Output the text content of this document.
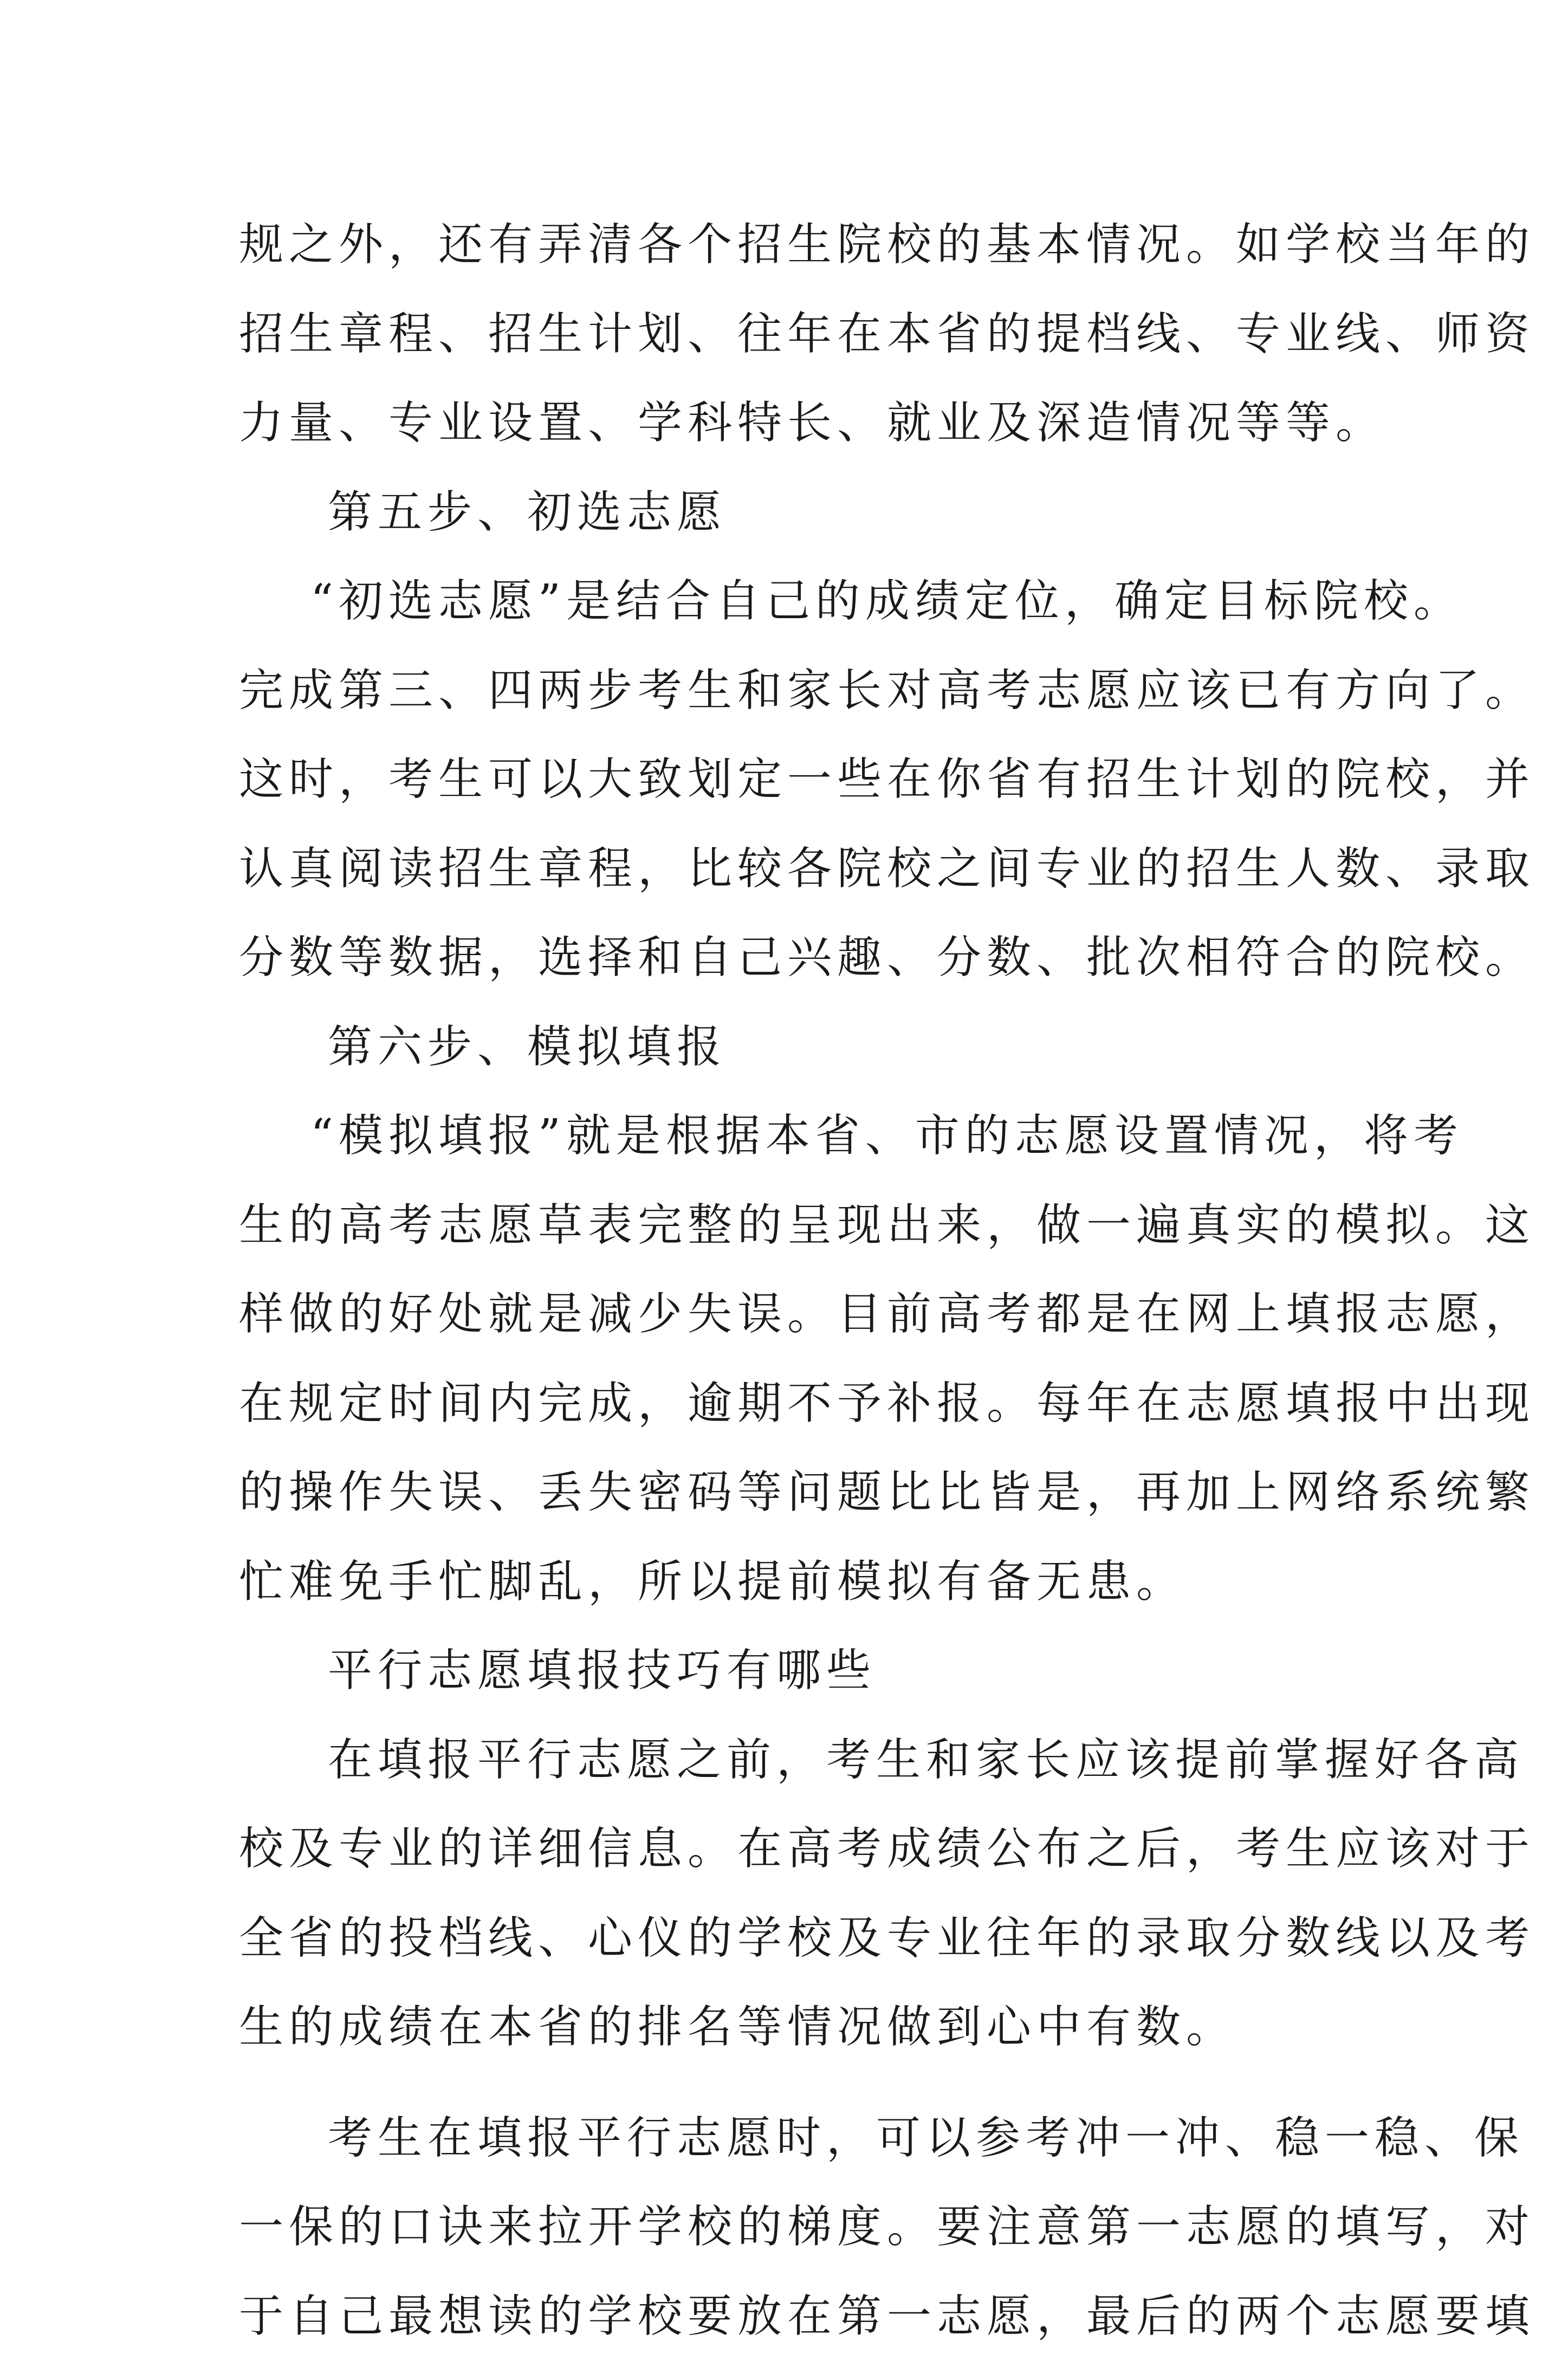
规之外，还有弄清各个招生院校的基本情况。如学校当年的
招生章程、招生计划、往年在本省的提档线、专业线、师资
力量、专业设置、学科特长、就业及深造情况等等。
第五步、初选志愿
“初选志愿”是结合自己的成绩定位，确定目标院校。
完成第三、四两步考生和家长对高考志愿应该已有方向了。
这时，考生可以大致划定一些在你省有招生计划的院校，并
认真阅读招生章程，比较各院校之间专业的招生人数、录取
分数等数据，选择和自己兴趣、分数、批次相符合的院校。
第六步、模拟填报
“模拟填报”就是根据本省、市的志愿设置情况，将考
生的高考志愿草表完整的呈现出来，做一遍真实的模拟。这
样做的好处就是减少失误。目前高考都是在网上填报志愿，
在规定时间内完成，逾期不予补报。每年在志愿填报中出现
的操作失误、丢失密码等问题比比皆是，再加上网络系统繁
忙难免手忙脚乱，所以提前模拟有备无患。
平行志愿填报技巧有哪些
在填报平行志愿之前，考生和家长应该提前掌握好各高
校及专业的详细信息。在高考成绩公布之后，考生应该对于
全省的投档线、心仪的学校及专业往年的录取分数线以及考
生的成绩在本省的排名等情况做到心中有数。
考生在填报平行志愿时，可以参考冲一冲、稳一稳、保
一保的口诀来拉开学校的梯度。要注意第一志愿的填写，对
于自己最想读的学校要放在第一志愿，最后的两个志愿要填
